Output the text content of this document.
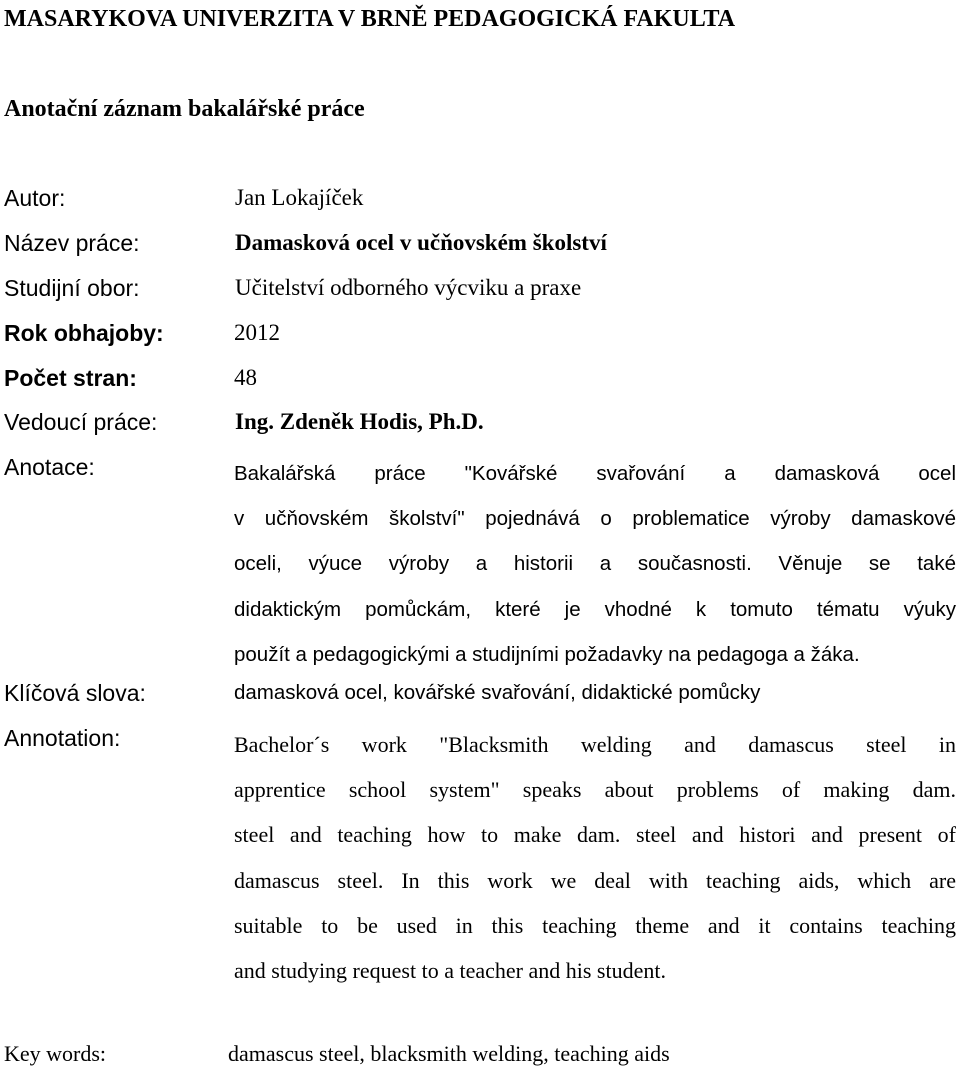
MASARYKOVA UNIVERZITA V BRNĚ PEDAGOGICKÁ FAKULTA
Anotační záznam bakalářské práce
Autor:
Název práce:
Studijní obor:
Rok obhajoby:
Počet stran:
Vedoucí práce:
Anotace:
Klíčová slova:
Annotation:
Key words:
Jan Lokajíček
Damasková ocel v učňovském školství
Učitelství odborného výcviku a praxe
2012
48
Ing. Zdeněk Hodis, Ph.D.
damasková ocel, kovářské svařování, didaktické pomůcky
Bakalářská práce "Kovářské svařování a damasková ocel
v učňovském školství" pojednává o problematice výroby damaskové
oceli, výuce výroby a historii a současnosti. Věnuje se také
didaktickým pomůckám, které je vhodné k tomuto tématu výuky
použít a pedagogickými a studijními požadavky na pedagoga a žáka.
Bachelor´s work "Blacksmith welding and damascus steel in
apprentice school system" speaks about problems of making dam.
steel and teaching how to make dam. steel and histori and present of
damascus steel. In this work we deal with teaching aids, which are
suitable to be used in this teaching theme and it contains teaching
and studying request to a teacher and his student.
damascus steel, blacksmith welding, teaching aids
